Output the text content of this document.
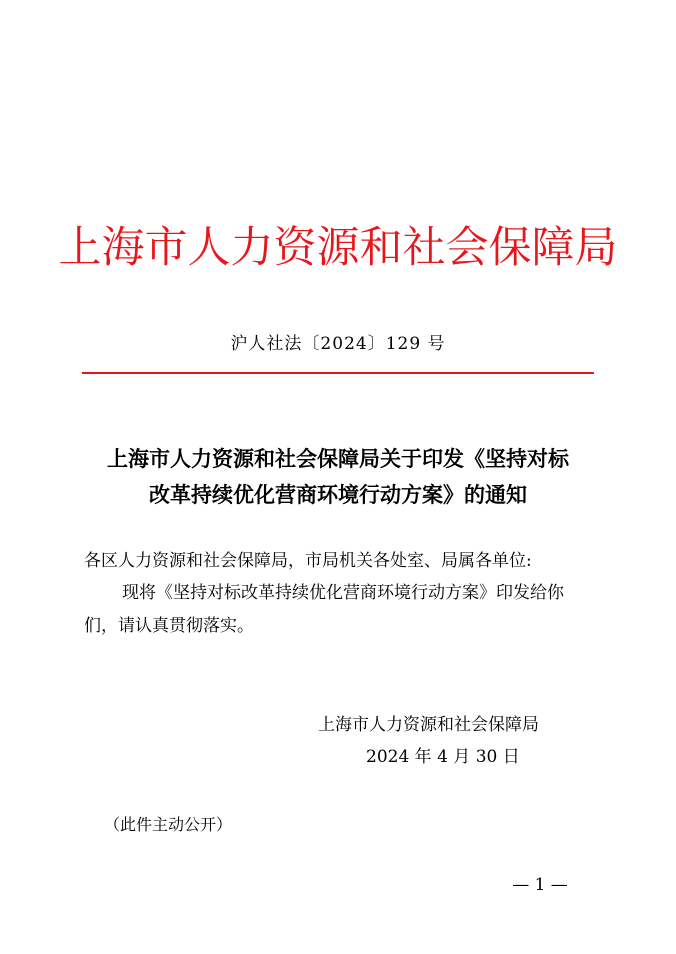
上海市人力资源和社会保障局
沪人社法〔2024〕129 号
上海市人力资源和社会保障局关于印发《坚持对标
改革持续优化营商环境行动方案》的通知
各区人力资源和社会保障局，市局机关各处室、局属各单位:
现将《坚持对标改革持续优化营商环境行动方案》印发给你
们，请认真贯彻落实。
上海市人力资源和社会保障局
2024 年 4 月 30 日
（此件主动公开）
— 1 —
